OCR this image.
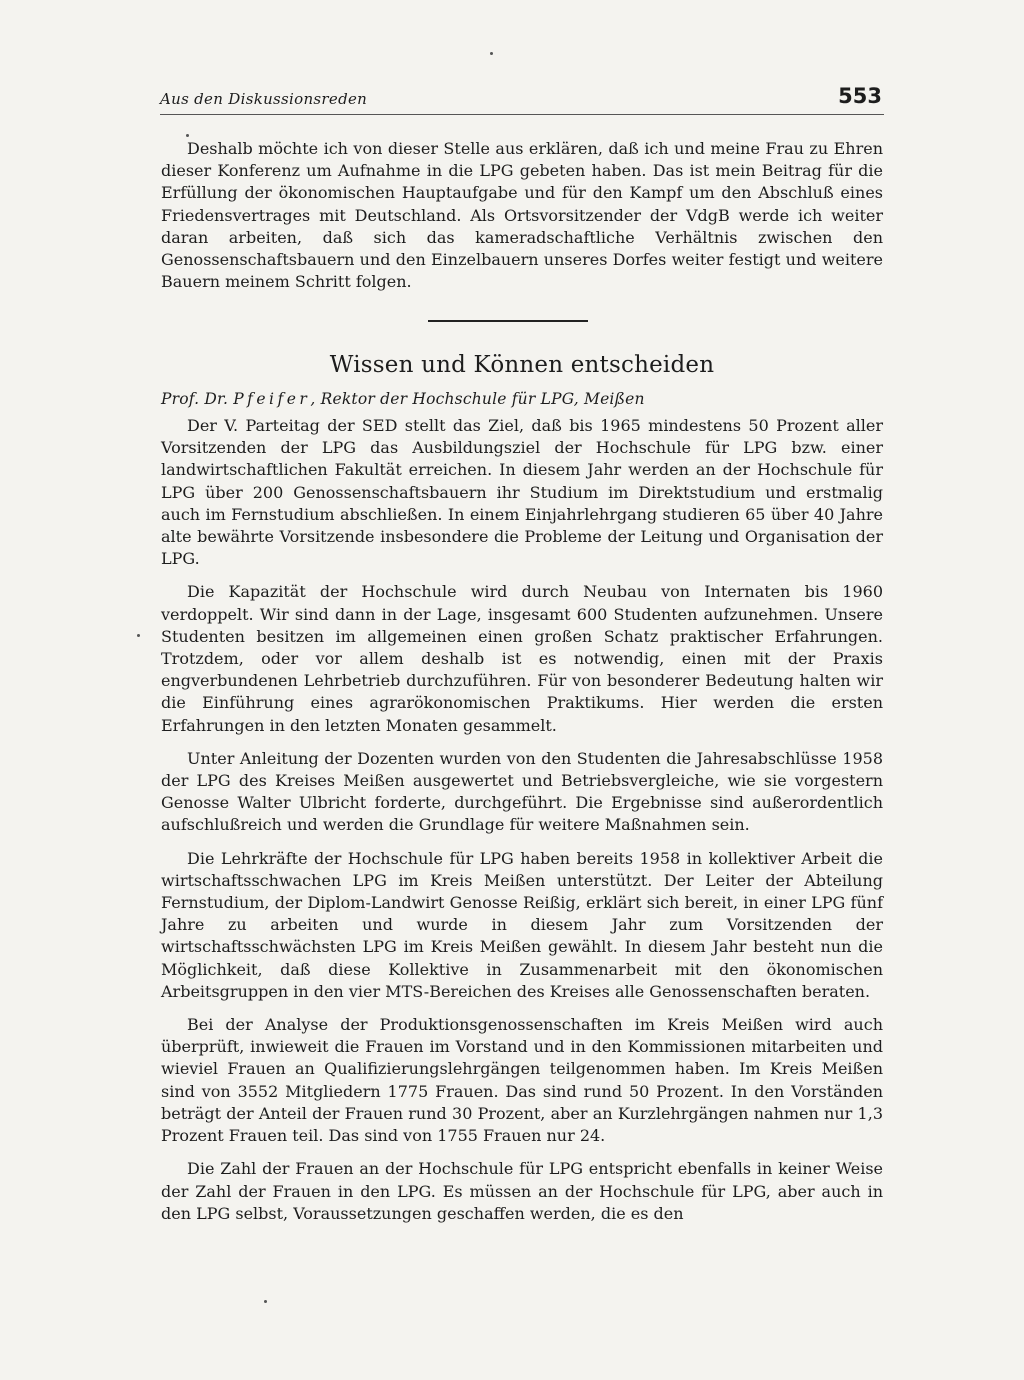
Aus den Diskussionsreden	553

Deshalb möchte ich von dieser Stelle aus erklären, daß ich und meine Frau zu Ehren dieser Konferenz um Aufnahme in die LPG gebeten haben. Das ist mein Beitrag für die Erfüllung der ökonomischen Hauptaufgabe und für den Kampf um den Abschluß eines Friedensvertrages mit Deutschland. Als Ortsvorsitzender der VdgB werde ich weiter daran arbeiten, daß sich das kameradschaftliche Verhältnis zwischen den Genossenschaftsbauern und den Einzelbauern unseres Dorfes weiter festigt und weitere Bauern meinem Schritt folgen.

Wissen und Können entscheiden
Prof. Dr. Pfeifer, Rektor der Hochschule für LPG, Meißen

Der V. Parteitag der SED stellt das Ziel, daß bis 1965 mindestens 50 Prozent aller Vorsitzenden der LPG das Ausbildungsziel der Hochschule für LPG bzw. einer landwirtschaftlichen Fakultät erreichen. In diesem Jahr werden an der Hochschule für LPG über 200 Genossenschaftsbauern ihr Studium im Direktstudium und erstmalig auch im Fernstudium abschließen. In einem Einjahrlehrgang studieren 65 über 40 Jahre alte bewährte Vorsitzende insbesondere die Probleme der Leitung und Organisation der LPG.

Die Kapazität der Hochschule wird durch Neubau von Internaten bis 1960 verdoppelt. Wir sind dann in der Lage, insgesamt 600 Studenten aufzunehmen. Unsere Studenten besitzen im allgemeinen einen großen Schatz praktischer Erfahrungen. Trotzdem, oder vor allem deshalb ist es notwendig, einen mit der Praxis engverbundenen Lehrbetrieb durchzuführen. Für von besonderer Bedeutung halten wir die Einführung eines agrarökonomischen Praktikums. Hier werden die ersten Erfahrungen in den letzten Monaten gesammelt.

Unter Anleitung der Dozenten wurden von den Studenten die Jahresabschlüsse 1958 der LPG des Kreises Meißen ausgewertet und Betriebsvergleiche, wie sie vorgestern Genosse Walter Ulbricht forderte, durchgeführt. Die Ergebnisse sind außerordentlich aufschlußreich und werden die Grundlage für weitere Maßnahmen sein.

Die Lehrkräfte der Hochschule für LPG haben bereits 1958 in kollektiver Arbeit die wirtschaftsschwachen LPG im Kreis Meißen unterstützt. Der Leiter der Abteilung Fernstudium, der Diplom-Landwirt Genosse Reißig, erklärt sich bereit, in einer LPG fünf Jahre zu arbeiten und wurde in diesem Jahr zum Vorsitzenden der wirtschaftsschwächsten LPG im Kreis Meißen gewählt. In diesem Jahr besteht nun die Möglichkeit, daß diese Kollektive in Zusammenarbeit mit den ökonomischen Arbeitsgruppen in den vier MTS-Bereichen des Kreises alle Genossenschaften beraten.

Bei der Analyse der Produktionsgenossenschaften im Kreis Meißen wird auch überprüft, inwieweit die Frauen im Vorstand und in den Kommissionen mitarbeiten und wieviel Frauen an Qualifizierungslehrgängen teilgenommen haben. Im Kreis Meißen sind von 3552 Mitgliedern 1775 Frauen. Das sind rund 50 Prozent. In den Vorständen beträgt der Anteil der Frauen rund 30 Prozent, aber an Kurzlehrgängen nahmen nur 1,3 Prozent Frauen teil. Das sind von 1755 Frauen nur 24.

Die Zahl der Frauen an der Hochschule für LPG entspricht ebenfalls in keiner Weise der Zahl der Frauen in den LPG. Es müssen an der Hochschule für LPG, aber auch in den LPG selbst, Voraussetzungen geschaffen werden, die es den
